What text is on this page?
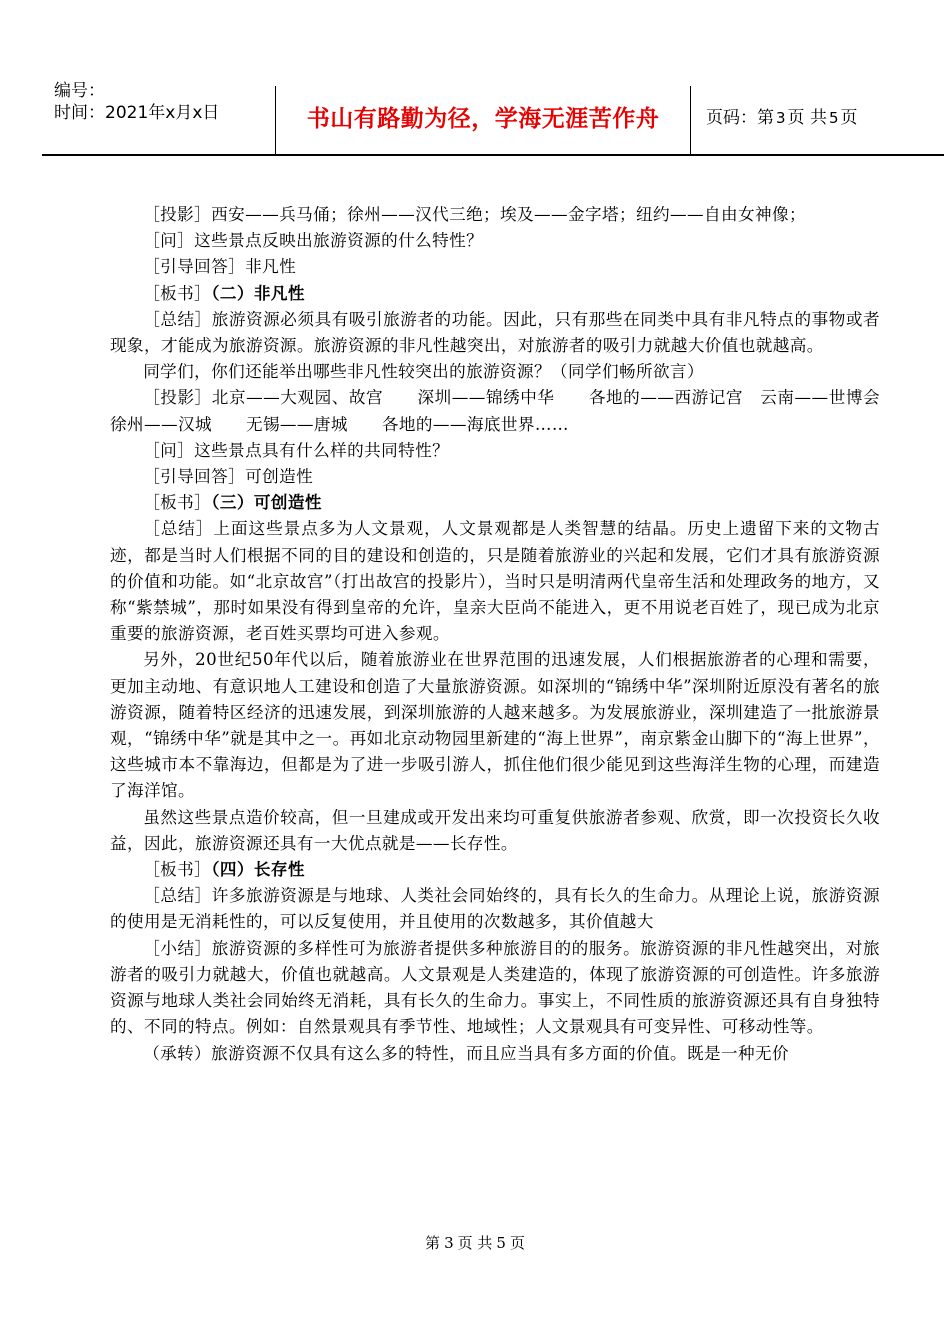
编号：
时间：2021年x月x日	书山有路勤为径，学海无涯苦作舟	页码：第 3 页 共 5 页

［投影］西安——兵马俑；徐州——汉代三绝；埃及——金字塔；纽约——自由女神像；

［问］这些景点反映出旅游资源的什么特性？

［引导回答］非凡性

［板书］（二）非凡性

［总结］旅游资源必须具有吸引旅游者的功能。因此，只有那些在同类中具有非凡特点的事物或者现象，才能成为旅游资源。旅游资源的非凡性越突出，对旅游者的吸引力就越大价值也就越高。

同学们，你们还能举出哪些非凡性较突出的旅游资源？（同学们畅所欲言）

［投影］北京——大观园、故宫　　深圳——锦绣中华　　各地的——西游记宫　云南——世博会　徐州——汉城　　无锡——唐城　　各地的——海底世界……

［问］这些景点具有什么样的共同特性？

［引导回答］可创造性

［板书］（三）可创造性

［总结］上面这些景点多为人文景观，人文景观都是人类智慧的结晶。历史上遗留下来的文物古迹，都是当时人们根据不同的目的建设和创造的，只是随着旅游业的兴起和发展，它们才具有旅游资源的价值和功能。如“北京故宫”（打出故宫的投影片），当时只是明清两代皇帝生活和处理政务的地方，又称“紫禁城”，那时如果没有得到皇帝的允许，皇亲大臣尚不能进入，更不用说老百姓了，现已成为北京重要的旅游资源，老百姓买票均可进入参观。

另外，20世纪50年代以后，随着旅游业在世界范围的迅速发展，人们根据旅游者的心理和需要，更加主动地、有意识地人工建设和创造了大量旅游资源。如深圳的“锦绣中华”深圳附近原没有著名的旅游资源，随着特区经济的迅速发展，到深圳旅游的人越来越多。为发展旅游业，深圳建造了一批旅游景观，“锦绣中华”就是其中之一。再如北京动物园里新建的“海上世界”，南京紫金山脚下的“海上世界”，这些城市本不靠海边，但都是为了进一步吸引游人，抓住他们很少能见到这些海洋生物的心理，而建造了海洋馆。

虽然这些景点造价较高，但一旦建成或开发出来均可重复供旅游者参观、欣赏，即一次投资长久收益，因此，旅游资源还具有一大优点就是——长存性。

［板书］（四）长存性

［总结］许多旅游资源是与地球、人类社会同始终的，具有长久的生命力。从理论上说，旅游资源的使用是无消耗性的，可以反复使用，并且使用的次数越多，其价值越大

［小结］旅游资源的多样性可为旅游者提供多种旅游目的的服务。旅游资源的非凡性越突出，对旅游者的吸引力就越大，价值也就越高。人文景观是人类建造的，体现了旅游资源的可创造性。许多旅游资源与地球人类社会同始终无消耗，具有长久的生命力。事实上，不同性质的旅游资源还具有自身独特的、不同的特点。例如：自然景观具有季节性、地域性；人文景观具有可变异性、可移动性等。

（承转）旅游资源不仅具有这么多的特性，而且应当具有多方面的价值。既是一种无价

第 3 页 共 5 页
